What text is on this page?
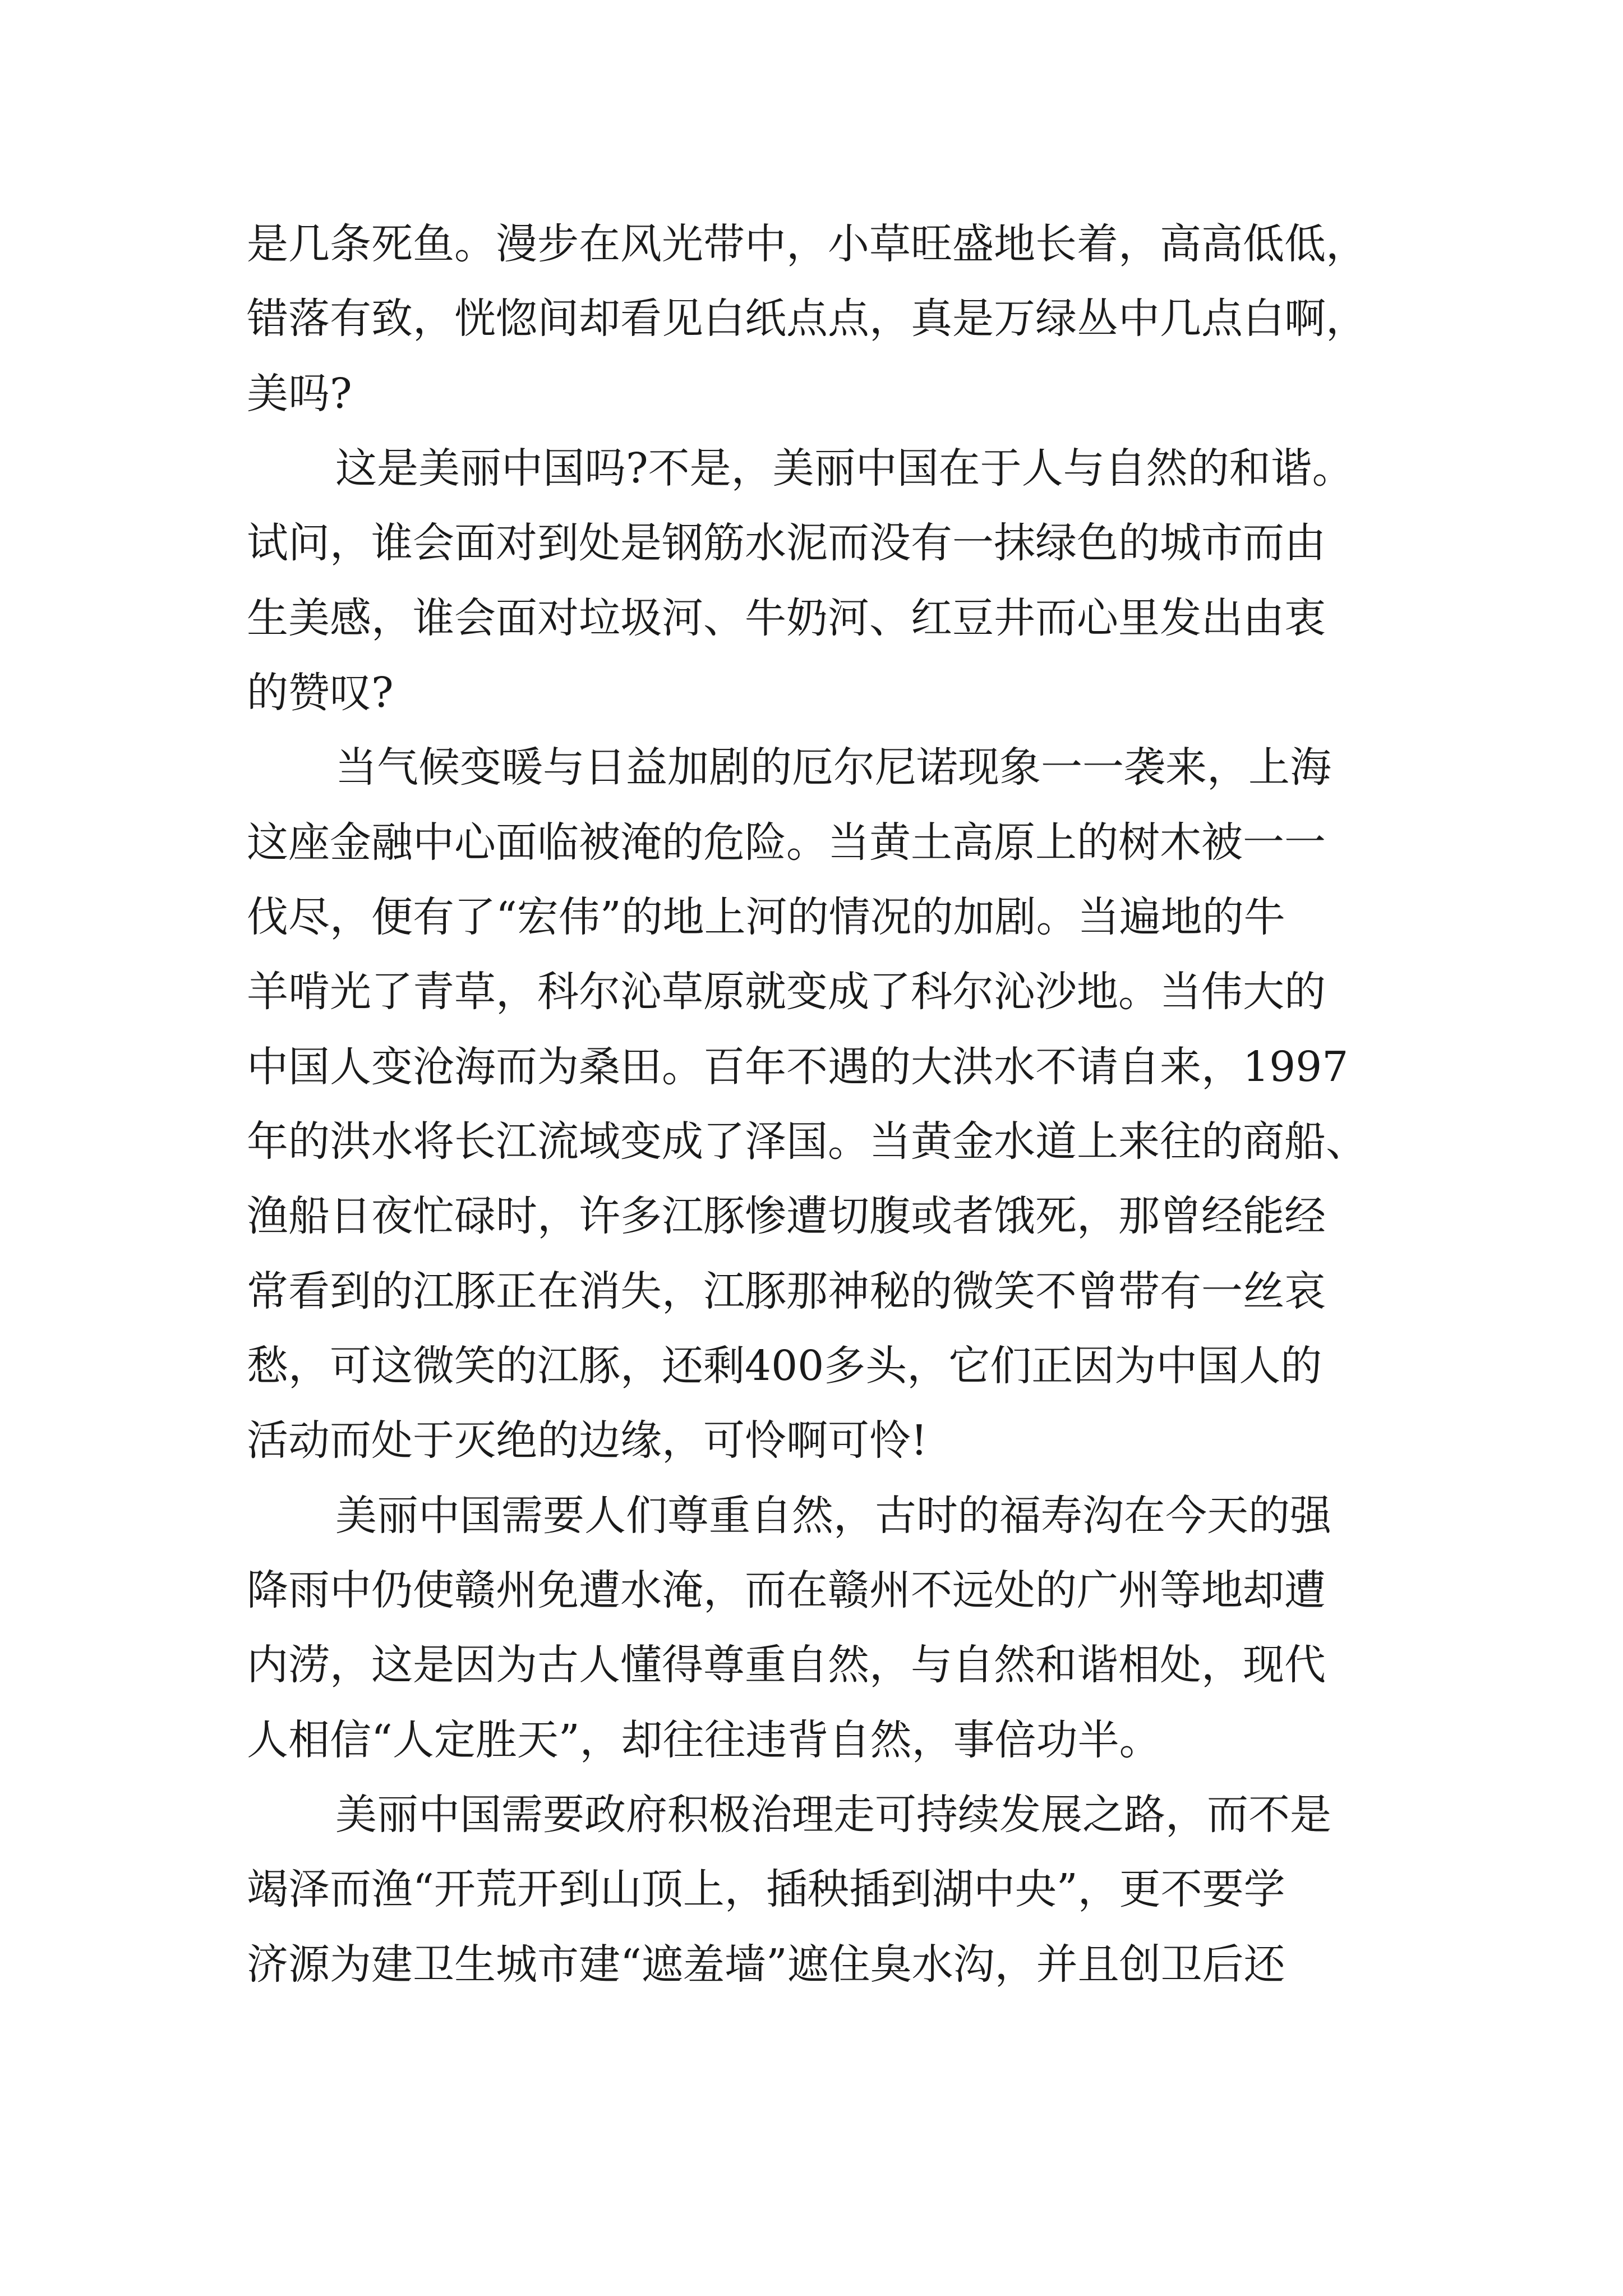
是几条死鱼。漫步在风光带中，小草旺盛地长着，高高低低，

错落有致，恍惚间却看见白纸点点，真是万绿丛中几点白啊，

美吗?

这是美丽中国吗?不是，美丽中国在于人与自然的和谐。

试问，谁会面对到处是钢筋水泥而没有一抹绿色的城市而由

生美感，谁会面对垃圾河、牛奶河、红豆井而心里发出由衷

的赞叹?

当气候变暖与日益加剧的厄尔尼诺现象一一袭来，上海

这座金融中心面临被淹的危险。当黄土高原上的树木被一一

伐尽，便有了“宏伟”的地上河的情况的加剧。当遍地的牛

羊啃光了青草，科尔沁草原就变成了科尔沁沙地。当伟大的

中国人变沧海而为桑田。百年不遇的大洪水不请自来，1997

年的洪水将长江流域变成了泽国。当黄金水道上来往的商船、

渔船日夜忙碌时，许多江豚惨遭切腹或者饿死，那曾经能经

常看到的江豚正在消失，江豚那神秘的微笑不曾带有一丝哀

愁，可这微笑的江豚，还剩400多头，它们正因为中国人的

活动而处于灭绝的边缘，可怜啊可怜!

美丽中国需要人们尊重自然，古时的福寿沟在今天的强

降雨中仍使赣州免遭水淹，而在赣州不远处的广州等地却遭

内涝，这是因为古人懂得尊重自然，与自然和谐相处，现代

人相信“人定胜天”，却往往违背自然，事倍功半。

美丽中国需要政府积极治理走可持续发展之路，而不是

竭泽而渔“开荒开到山顶上，插秧插到湖中央”，更不要学

济源为建卫生城市建“遮羞墙”遮住臭水沟，并且创卫后还
